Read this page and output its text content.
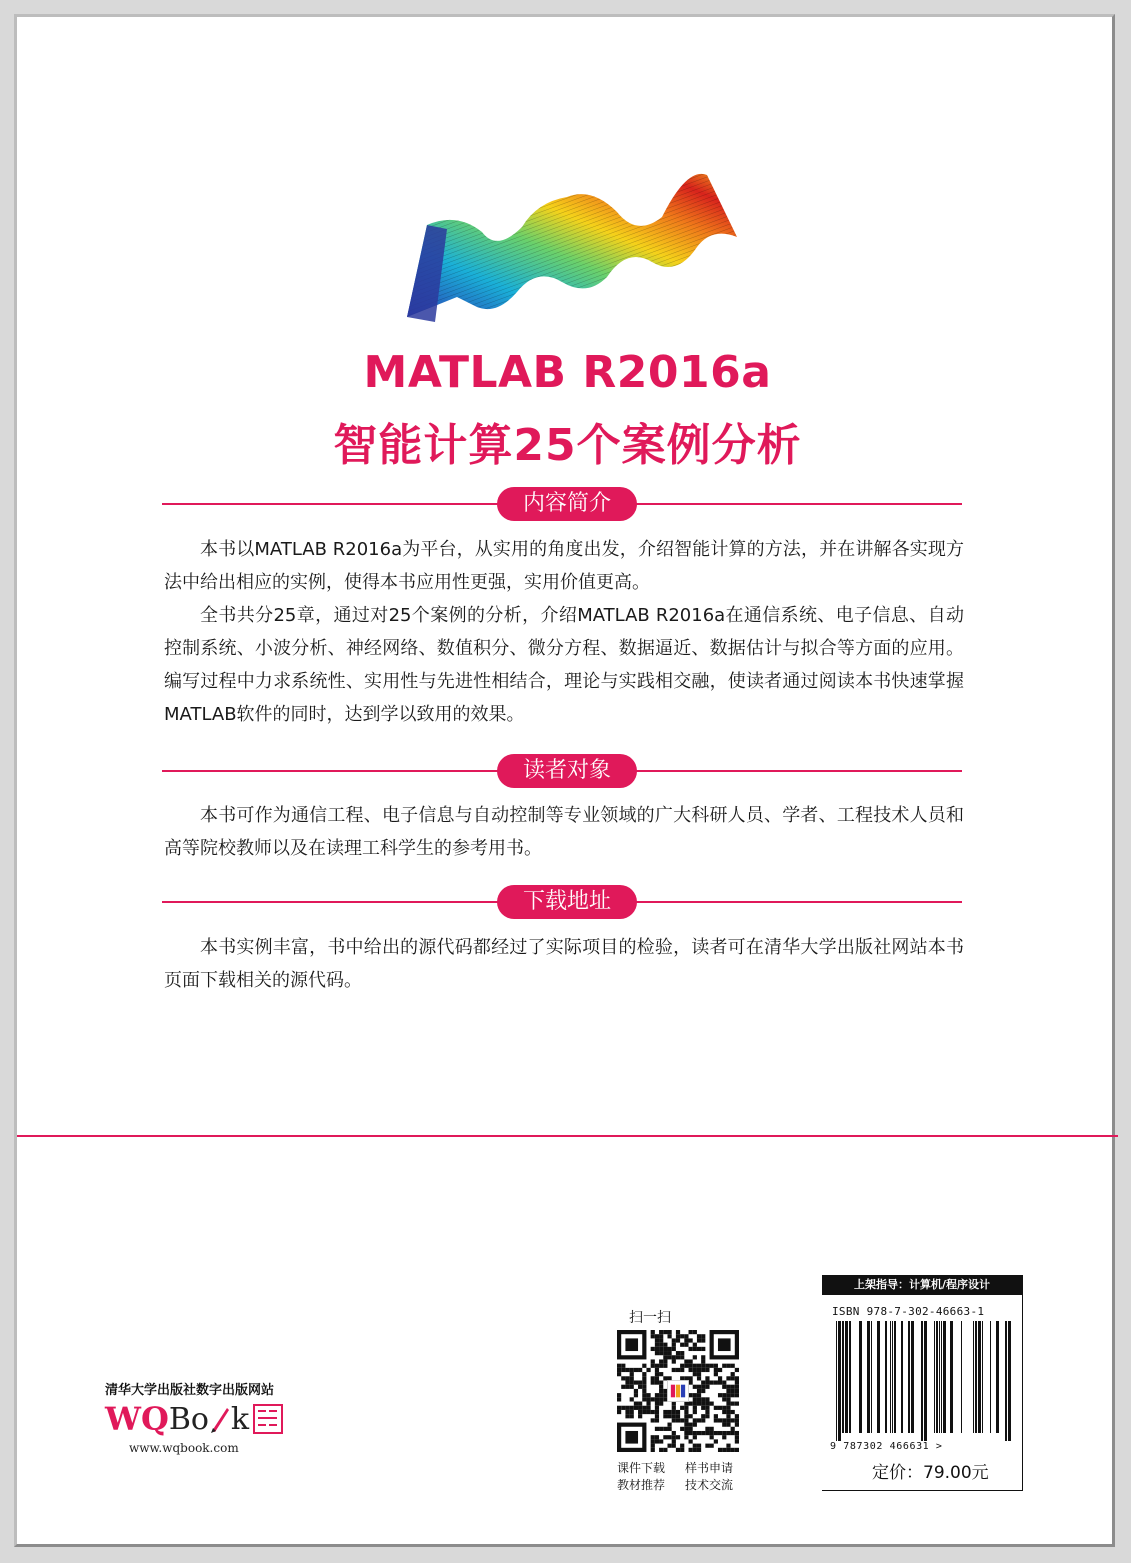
MATLAB R2016a
智能计算25个案例分析
内容简介
本书以MATLAB R2016a为平台，从实用的角度出发，介绍智能计算的方法，并在讲解各实现方法中给出相应的实例，使得本书应用性更强，实用价值更高。
全书共分25章，通过对25个案例的分析，介绍MATLAB R2016a在通信系统、电子信息、自动控制系统、小波分析、神经网络、数值积分、微分方程、数据逼近、数据估计与拟合等方面的应用。编写过程中力求系统性、实用性与先进性相结合，理论与实践相交融，使读者通过阅读本书快速掌握MATLAB软件的同时，达到学以致用的效果。
读者对象
本书可作为通信工程、电子信息与自动控制等专业领域的广大科研人员、学者、工程技术人员和高等院校教师以及在读理工科学生的参考用书。
下载地址
本书实例丰富，书中给出的源代码都经过了实际项目的检验，读者可在清华大学出版社网站本书页面下载相关的源代码。
清华大学出版社数字出版网站
WQ Bo k
www.wqbook.com
扫一扫
课件下载 样书申请
教材推荐 技术交流
上架指导：计算机/程序设计
ISBN 978-7-302-46663-1
9 787302 466631 >
定价：79.00元
